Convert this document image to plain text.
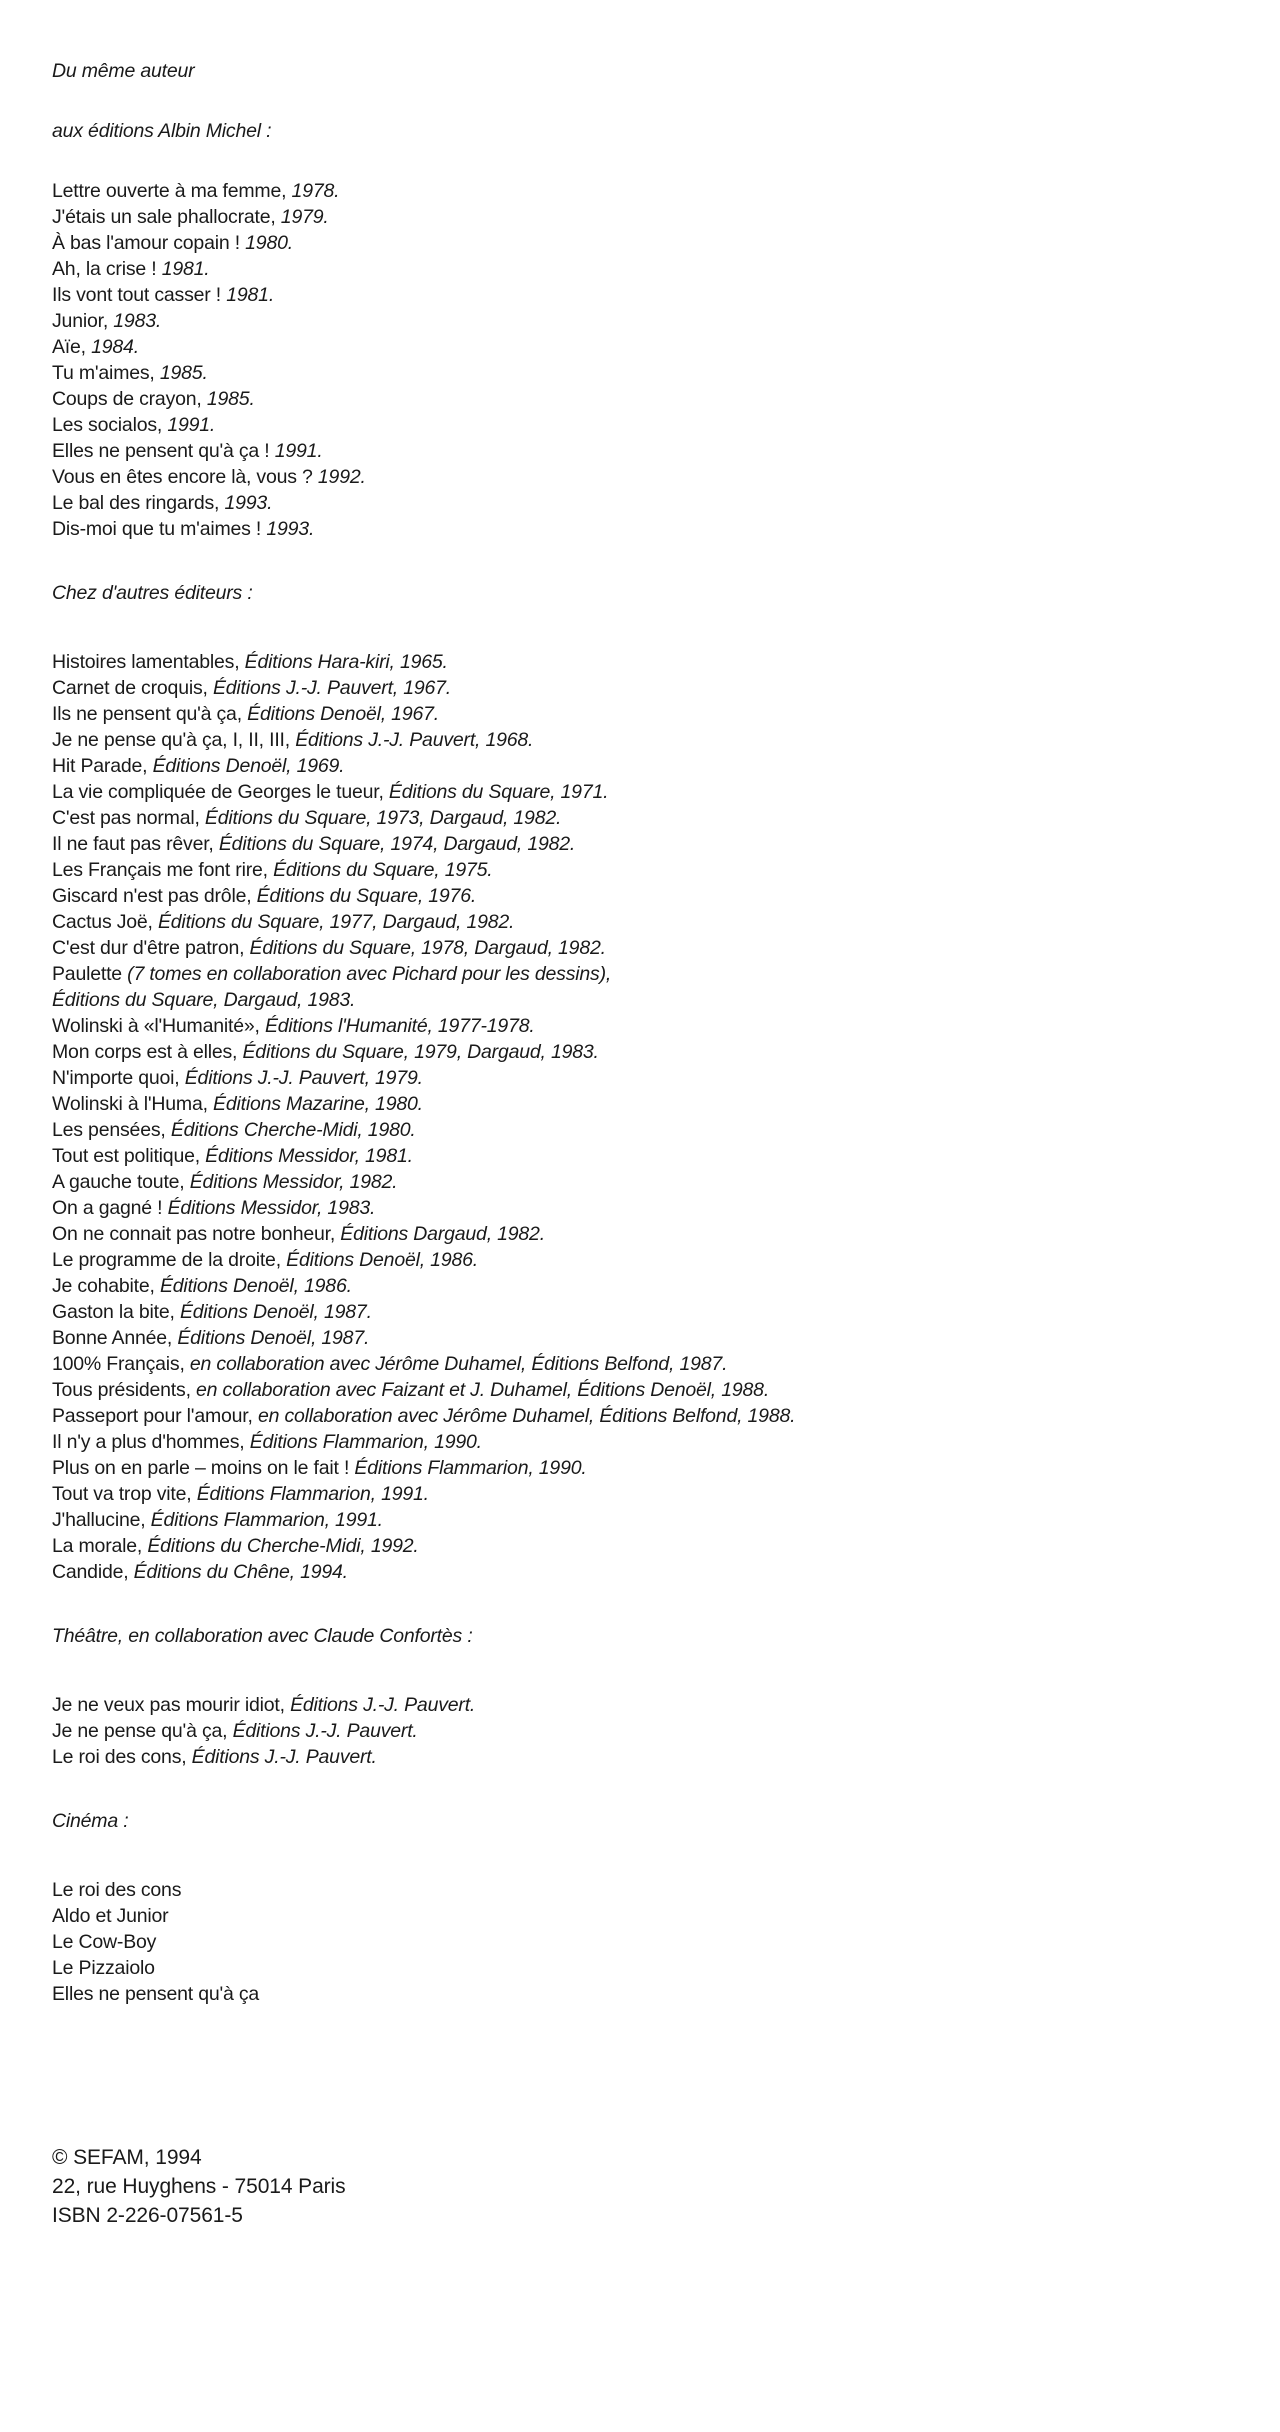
Du même auteur

aux éditions Albin Michel :

Lettre ouverte à ma femme, 1978.

J'étais un sale phallocrate, 1979.

À bas l'amour copain ! 1980.

Ah, la crise ! 1981.

Ils vont tout casser ! 1981.

Junior, 1983.

Aïe, 1984.

Tu m'aimes, 1985.

Coups de crayon, 1985.

Les socialos, 1991.

Elles ne pensent qu'à ça ! 1991.

Vous en êtes encore là, vous ? 1992.

Le bal des ringards, 1993.

Dis-moi que tu m'aimes ! 1993.

Chez d'autres éditeurs :

Histoires lamentables, Éditions Hara-kiri, 1965.

Carnet de croquis, Éditions J.-J. Pauvert, 1967.

Ils ne pensent qu'à ça, Éditions Denoël, 1967.

Je ne pense qu'à ça, I, II, III, Éditions J.-J. Pauvert, 1968.

Hit Parade, Éditions Denoël, 1969.

La vie compliquée de Georges le tueur, Éditions du Square, 1971.

C'est pas normal, Éditions du Square, 1973, Dargaud, 1982.

Il ne faut pas rêver, Éditions du Square, 1974, Dargaud, 1982.

Les Français me font rire, Éditions du Square, 1975.

Giscard n'est pas drôle, Éditions du Square, 1976.

Cactus Joë, Éditions du Square, 1977, Dargaud, 1982.

C'est dur d'être patron, Éditions du Square, 1978, Dargaud, 1982.

Paulette (7 tomes en collaboration avec Pichard pour les dessins),

Éditions du Square, Dargaud, 1983.

Wolinski à «l'Humanité», Éditions l'Humanité, 1977-1978.

Mon corps est à elles, Éditions du Square, 1979, Dargaud, 1983.

N'importe quoi, Éditions J.-J. Pauvert, 1979.

Wolinski à l'Huma, Éditions Mazarine, 1980.

Les pensées, Éditions Cherche-Midi, 1980.

Tout est politique, Éditions Messidor, 1981.

A gauche toute, Éditions Messidor, 1982.

On a gagné ! Éditions Messidor, 1983.

On ne connait pas notre bonheur, Éditions Dargaud, 1982.

Le programme de la droite, Éditions Denoël, 1986.

Je cohabite, Éditions Denoël, 1986.

Gaston la bite, Éditions Denoël, 1987.

Bonne Année, Éditions Denoël, 1987.

100% Français, en collaboration avec Jérôme Duhamel, Éditions Belfond, 1987.

Tous présidents, en collaboration avec Faizant et J. Duhamel, Éditions Denoël, 1988.

Passeport pour l'amour, en collaboration avec Jérôme Duhamel, Éditions Belfond, 1988.

Il n'y a plus d'hommes, Éditions Flammarion, 1990.

Plus on en parle – moins on le fait ! Éditions Flammarion, 1990.

Tout va trop vite, Éditions Flammarion, 1991.

J'hallucine, Éditions Flammarion, 1991.

La morale, Éditions du Cherche-Midi, 1992.

Candide, Éditions du Chêne, 1994.

Théâtre, en collaboration avec Claude Confortès :

Je ne veux pas mourir idiot, Éditions J.-J. Pauvert.

Je ne pense qu'à ça, Éditions J.-J. Pauvert.

Le roi des cons, Éditions J.-J. Pauvert.

Cinéma :

Le roi des cons

Aldo et Junior

Le Cow-Boy

Le Pizzaiolo

Elles ne pensent qu'à ça

© SEFAM, 1994

22, rue Huyghens - 75014 Paris

ISBN 2-226-07561-5
